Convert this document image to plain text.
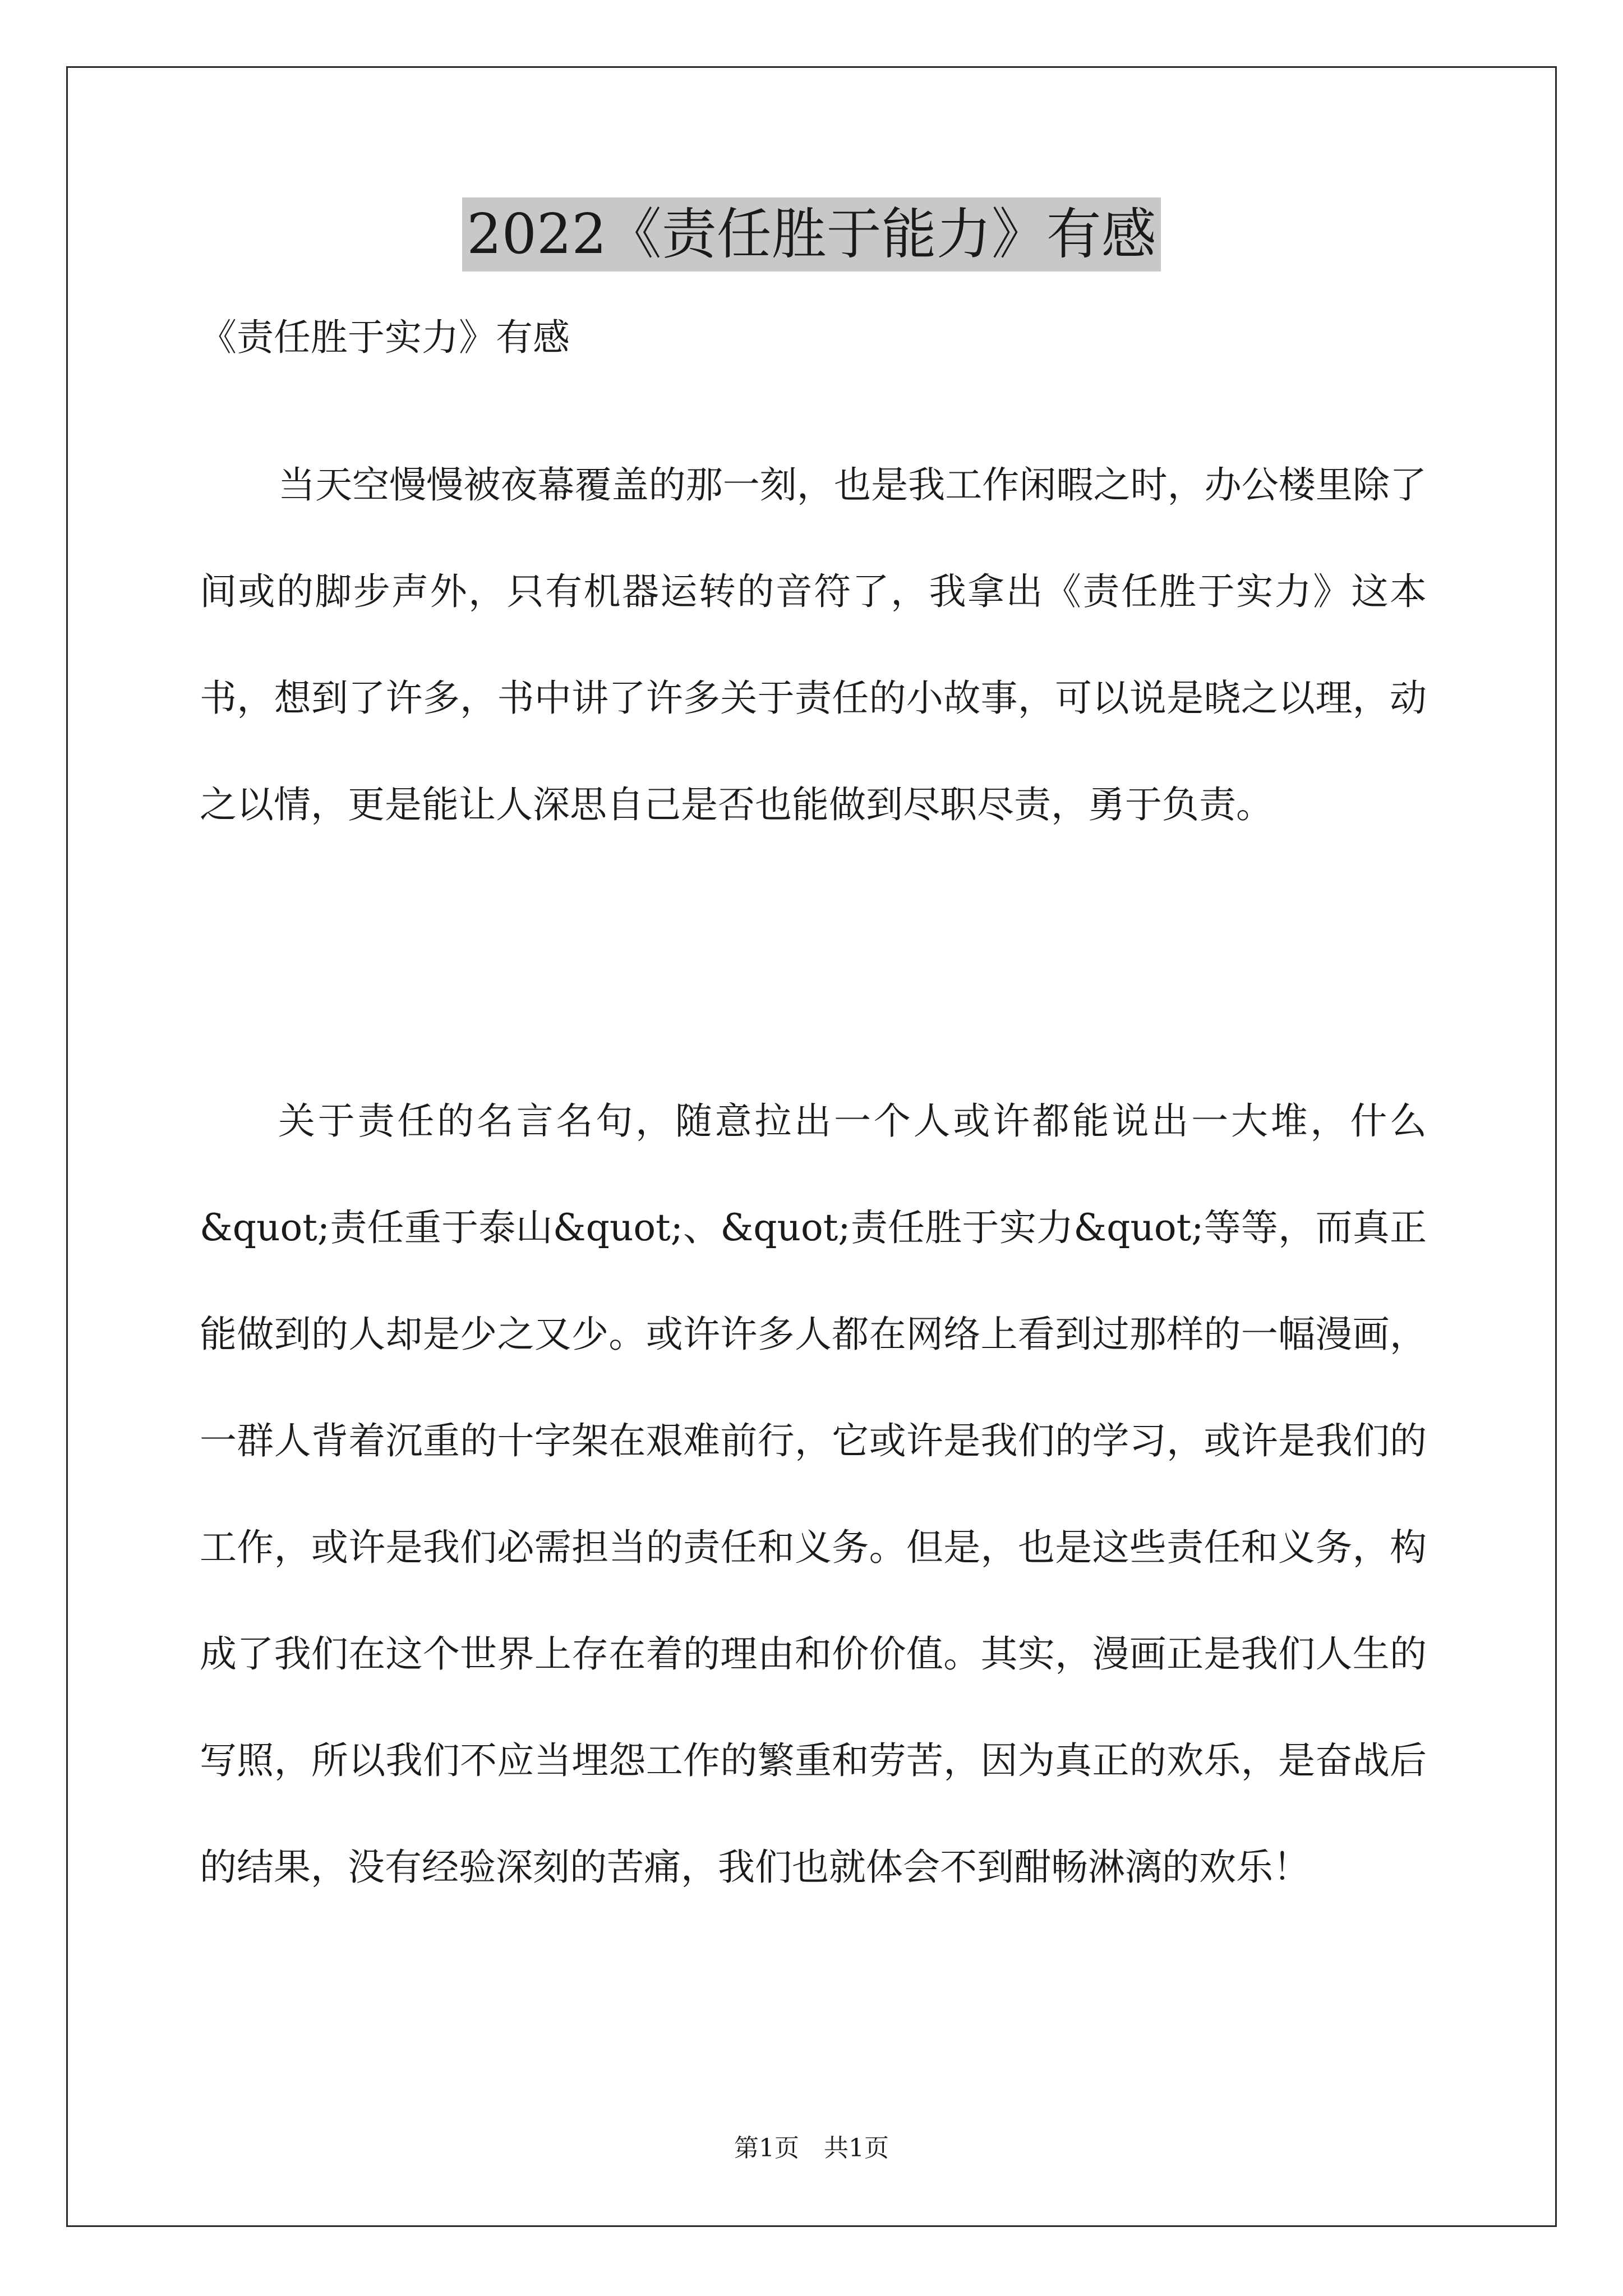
2022《责任胜于能力》有感
《责任胜于实力》有感

当天空慢慢被夜幕覆盖的那一刻，也是我工作闲暇之时，办公楼里除了间或的脚步声外，只有机器运转的音符了，我拿出《责任胜于实力》这本书，想到了许多，书中讲了许多关于责任的小故事，可以说是晓之以理，动之以情，更是能让人深思自己是否也能做到尽职尽责，勇于负责。

关于责任的名言名句，随意拉出一个人或许都能说出一大堆，什么&quot;责任重于泰山&quot;、&quot;责任胜于实力&quot;等等，而真正能做到的人却是少之又少。或许许多人都在网络上看到过那样的一幅漫画，一群人背着沉重的十字架在艰难前行，它或许是我们的学习，或许是我们的工作，或许是我们必需担当的责任和义务。但是，也是这些责任和义务，构成了我们在这个世界上存在着的理由和价价值。其实，漫画正是我们人生的写照，所以我们不应当埋怨工作的繁重和劳苦，因为真正的欢乐，是奋战后的结果，没有经验深刻的苦痛，我们也就体会不到酣畅淋漓的欢乐！

第1页　共1页
